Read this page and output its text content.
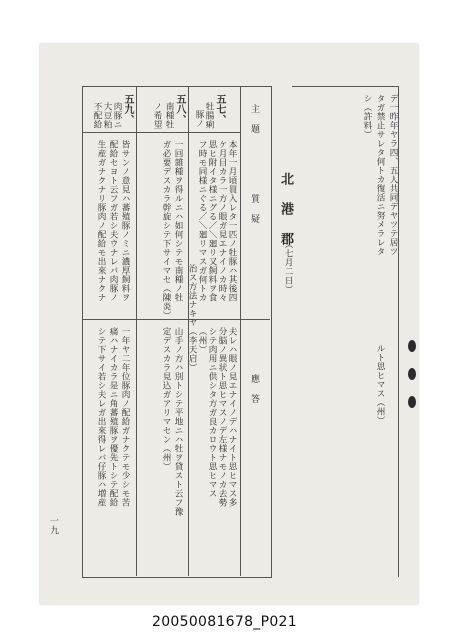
デ一昨年ヤラ四、五人共同デヤツテ居ツ
タガ禁止サレタ何トカ復活ニ努メラレタ
シ（許料）
ルト思ヒマス（州）
北　港　郡
（七月二日）
主　題
質　疑
應　答
五七、
牡腸痢
豚ノ
本年一月頃買入レタ一匹ノ牡豚ハ其後四
ケ月目カラ一方ノ眼ガ見エナイノカ時々
思ヒ附イタ様ニグる／＼廻リ又飼料ヲ食
フ時モ同様ニぐる／＼廻リマスガ何トカ
治ス方法ナキヤ（李天启）
夫レハ眼ノ見エナイノデハナイト思ヒマス多
分脳ノ異状ト思ヒマスノデ左様ナモノカ去勢
シテ肉用ニ供シタ方ガ良カロウト思ヒマス
（州）
五八、
南種牡
ノ希望
一回雜種ヲ得ルニハ如何シテモ南種ノ牡
ガ必要デスカラ幹旋シテ下サイマセ（陳炎）
山手ノ方ハ別トシテ平地ニハ牡ヲ貸スト云フ豫
定デスカラ見込ガアリマセン（州）
五九、
肉豚ニ
大豆粕
不配給
皆サンノ意見ハ蕃殖豚ノミニ濃厚飼料ヲ
配給セヨト云フガ若シ夫ウナレバ肉豚ノ
生産ガナクナリ豚肉ノ配給モ出來ナクナ
一年ヤ二年位豚肉ノ配給ガナクテモ少シモ苦
痛ハナイカラ是ニ角蕃殖豚ヲ優先トシテ配給
シテ下サイ若シ夫レガ出來得レバ仔豚ハ増産
一九
20050081678_P021
